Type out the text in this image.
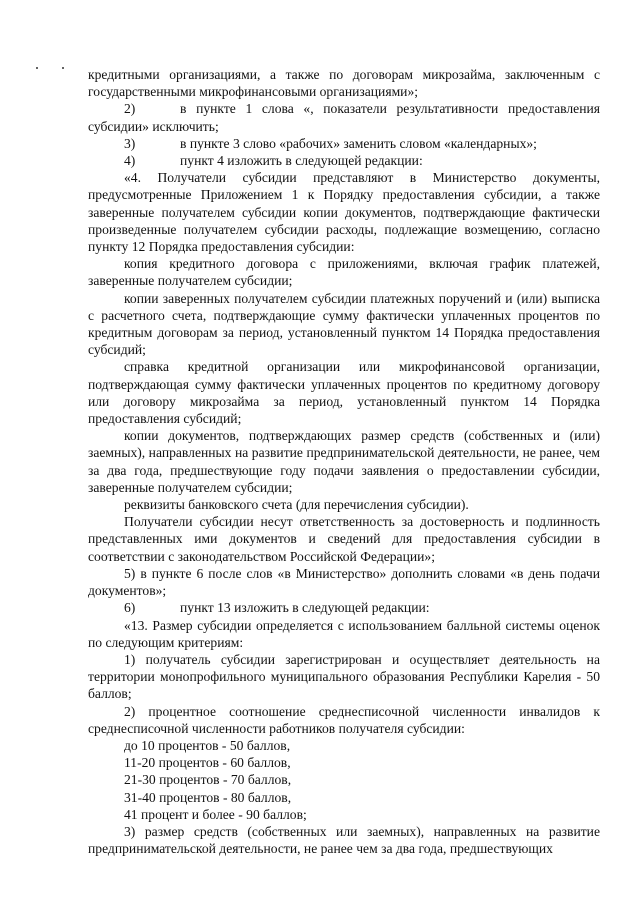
кредитными организациями, а также по договорам микрозайма, заключенным с государственными микрофинансовыми организациями»;

2)	в пункте 1 слова «, показатели результативности предоставления субсидии» исключить;

3)	в пункте 3 слово «рабочих» заменить словом «календарных»;

4)	пункт 4 изложить в следующей редакции:

«4. Получатели субсидии представляют в Министерство документы, предусмотренные Приложением 1 к Порядку предоставления субсидии, а также заверенные получателем субсидии копии документов, подтверждающие фактически произведенные получателем субсидии расходы, подлежащие возмещению, согласно пункту 12 Порядка предоставления субсидии:

копия кредитного договора с приложениями, включая график платежей, заверенные получателем субсидии;

копии заверенных получателем субсидии платежных поручений и (или) выписка с расчетного счета, подтверждающие сумму фактически уплаченных процентов по кредитным договорам за период, установленный пунктом 14 Порядка предоставления субсидий;

справка кредитной организации или микрофинансовой организации, подтверждающая сумму фактически уплаченных процентов по кредитному договору или договору микрозайма за период, установленный пунктом 14 Порядка предоставления субсидий;

копии документов, подтверждающих размер средств (собственных и (или) заемных), направленных на развитие предпринимательской деятельности, не ранее, чем за два года, предшествующие году подачи заявления о предоставлении субсидии, заверенные получателем субсидии;

реквизиты банковского счета (для перечисления субсидии).

Получатели субсидии несут ответственность за достоверность и подлинность представленных ими документов и сведений для предоставления субсидии в соответствии с законодательством Российской Федерации»;

5) в пункте 6 после слов «в Министерство» дополнить словами «в день подачи документов»;

6)	пункт 13 изложить в следующей редакции:

«13. Размер субсидии определяется с использованием балльной системы оценок по следующим критериям:

1) получатель субсидии зарегистрирован и осуществляет деятельность на территории монопрофильного муниципального образования Республики Карелия - 50 баллов;

2) процентное соотношение среднесписочной численности инвалидов к среднесписочной численности работников получателя субсидии:

до 10 процентов - 50 баллов,

11-20 процентов - 60 баллов,

21-30 процентов - 70 баллов,

31-40 процентов - 80 баллов,

41 процент и более - 90 баллов;

3) размер средств (собственных или заемных), направленных на развитие предпринимательской деятельности, не ранее чем за два года, предшествующих
